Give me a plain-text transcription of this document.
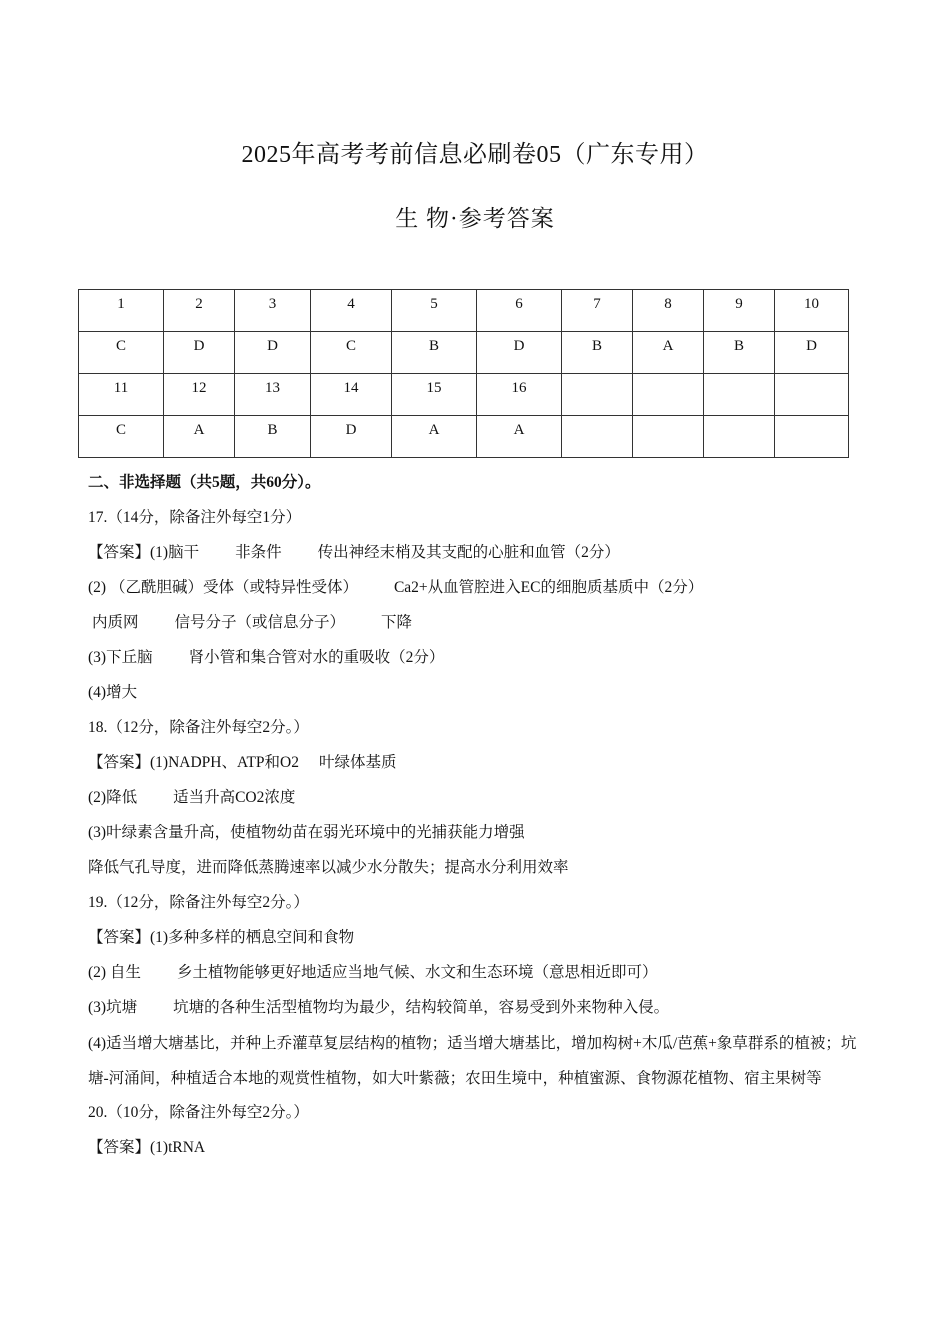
2025年高考考前信息必刷卷05（广东专用）
生 物·参考答案
1	2	3	4	5	6	7	8	9	10
C	D	D	C	B	D	B	A	B	D
11	12	13	14	15	16				
C	A	B	D	A	A				
二、非选择题（共5题，共60分）。
17.（14分，除备注外每空1分）
【答案】(1)脑干 非条件 传出神经末梢及其支配的心脏和血管（2分）
(2) （乙酰胆碱）受体（或特异性受体） Ca2+从血管腔进入EC的细胞质基质中（2分）
内质网 信号分子（或信息分子） 下降
(3)下丘脑 肾小管和集合管对水的重吸收（2分）
(4)增大
18.（12分，除备注外每空2分。）
【答案】(1)NADPH、ATP和O2 叶绿体基质
(2)降低 适当升高CO2浓度
(3)叶绿素含量升高，使植物幼苗在弱光环境中的光捕获能力增强
降低气孔导度，进而降低蒸腾速率以减少水分散失；提高水分利用效率
19.（12分，除备注外每空2分。）
【答案】(1)多种多样的栖息空间和食物
(2) 自生 乡土植物能够更好地适应当地气候、水文和生态环境（意思相近即可）
(3)坑塘 坑塘的各种生活型植物均为最少，结构较简单，容易受到外来物种入侵。
(4)适当增大塘基比，并种上乔灌草复层结构的植物；适当增大塘基比，增加构树+木瓜/芭蕉+象草群系的植被；坑塘-河涌间，种植适合本地的观赏性植物，如大叶紫薇；农田生境中，种植蜜源、食物源花植物、宿主果树等
20.（10分，除备注外每空2分。）
【答案】(1)tRNA
